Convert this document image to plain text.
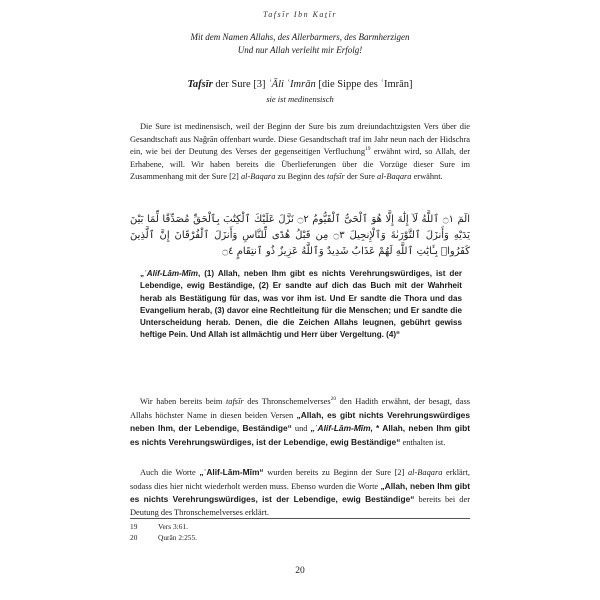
Tafsīr Ibn Kaṯīr
Mit dem Namen Allahs, des Allerbarmers, des Barmherzigen
Und nur Allah verleiht mir Erfolg!
Tafsīr der Sure [3] ʾĀli ʿImrān [die Sippe des ʿImrān]
sie ist medinensisch

Die Sure ist medinensisch, weil der Beginn der Sure bis zum dreiundachtzigsten Vers über die Gesandtschaft aus Naǧrān offenbart wurde. Diese Gesandtschaft traf im Jahr neun nach der Hidschra ein, wie bei der Deutung des Verses der gegenseitigen Verfluchung$^{19}$ erwähnt wird, so Allah, der Erhabene, will. Wir haben bereits die Überlieferungen über die Vorzüge dieser Sure im Zusammenhang mit der Sure [2] al-Baqara zu Beginn des tafsīr der Sure al-Baqara erwähnt.

الٓمٓ ۝١ ٱللَّهُ لَآ إِلَٰهَ إِلَّا هُوَ ٱلْحَىُّ ٱلْقَيُّومُ ۝٢ نَزَّلَ عَلَيْكَ ٱلْكِتَٰبَ بِٱلْحَقِّ مُصَدِّقًا لِّمَا بَيْنَ يَدَيْهِ وَأَنزَلَ ٱلتَّوْرَىٰةَ وَٱلْإِنجِيلَ ۝٣ مِن قَبْلُ هُدًى لِّلنَّاسِ وَأَنزَلَ ٱلْفُرْقَانَ إِنَّ ٱلَّذِينَ كَفَرُوا۟ بِـَٔايَٰتِ ٱللَّهِ لَهُمْ عَذَابٌ شَدِيدٌ وَٱللَّهُ عَزِيزٌ ذُو ٱنتِقَامٍ ۝٤

„ʾAlif-Lām-Mīm, (1) Allah, neben Ihm gibt es nichts Verehrungswürdiges, ist der Lebendige, ewig Beständige, (2) Er sandte auf dich das Buch mit der Wahrheit herab als Bestätigung für das, was vor ihm ist. Und Er sandte die Thora und das Evangelium herab, (3) davor eine Rechtleitung für die Menschen; und Er sandte die Unterscheidung herab. Denen, die die Zeichen Allahs leugnen, gebührt gewiss heftige Pein. Und Allah ist allmächtig und Herr über Vergeltung. (4)“

Wir haben bereits beim tafsīr des Thronschemelverses$^{20}$ den Hadith erwähnt, der besagt, dass Allahs höchster Name in diesen beiden Versen „Allah, es gibt nichts Verehrungswürdiges neben Ihm, der Lebendige, Beständige“ und „ʾAlif-Lām-Mīm, * Allah, neben Ihm gibt es nichts Verehrungswürdiges, ist der Lebendige, ewig Beständige“ enthalten ist.

Auch die Worte „ʾAlif-Lām-Mīm“ wurden bereits zu Beginn der Sure [2] al-Baqara erklärt, sodass dies hier nicht wiederholt werden muss. Ebenso wurden die Worte „Allah, neben Ihm gibt es nichts Verehrungswürdiges, ist der Lebendige, ewig Beständige“ bereits bei der Deutung des Thronschemelverses erklärt.

19	Vers 3:61.
20	Qurān 2:255.
20
